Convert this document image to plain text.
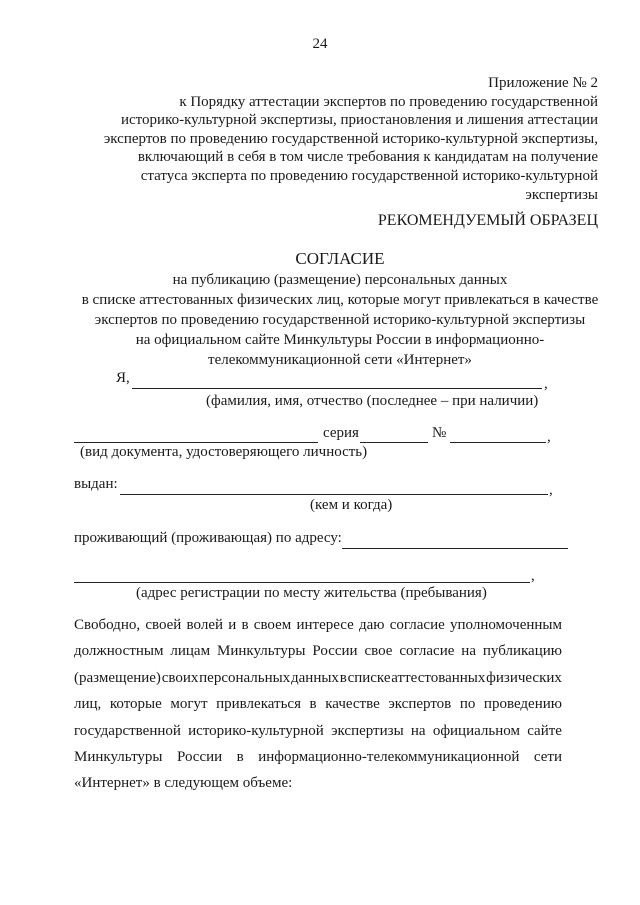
24
Приложение № 2
к Порядку аттестации экспертов по проведению государственной
историко-культурной экспертизы, приостановления и лишения аттестации
экспертов по проведению государственной историко-культурной экспертизы,
включающий в себя в том числе требования к кандидатам на получение
статуса эксперта по проведению государственной историко-культурной
экспертизы
РЕКОМЕНДУЕМЫЙ ОБРАЗЕЦ
СОГЛАСИЕ
на публикацию (размещение) персональных данных
в списке аттестованных физических лиц, которые могут привлекаться в качестве
экспертов по проведению государственной историко-культурной экспертизы
на официальном сайте Минкультуры России в информационно-
телекоммуникационной сети «Интернет»
Я,	,
(фамилия, имя, отчество (последнее – при наличии)
серия	№	,
(вид документа, удостоверяющего личность)
выдан:	,
(кем и когда)
проживающий (проживающая) по адресу:
,
(адрес регистрации по месту жительства (пребывания)
Свободно, своей волей и в своем интересе даю согласие уполномоченным
должностным лицам Минкультуры России свое согласие на публикацию
(размещение) своих персональных данных в списке аттестованных физических
лиц, которые могут привлекаться в качестве экспертов по проведению
государственной историко-культурной экспертизы на официальном сайте
Минкультуры России в информационно-телекоммуникационной сети
«Интернет» в следующем объеме:
